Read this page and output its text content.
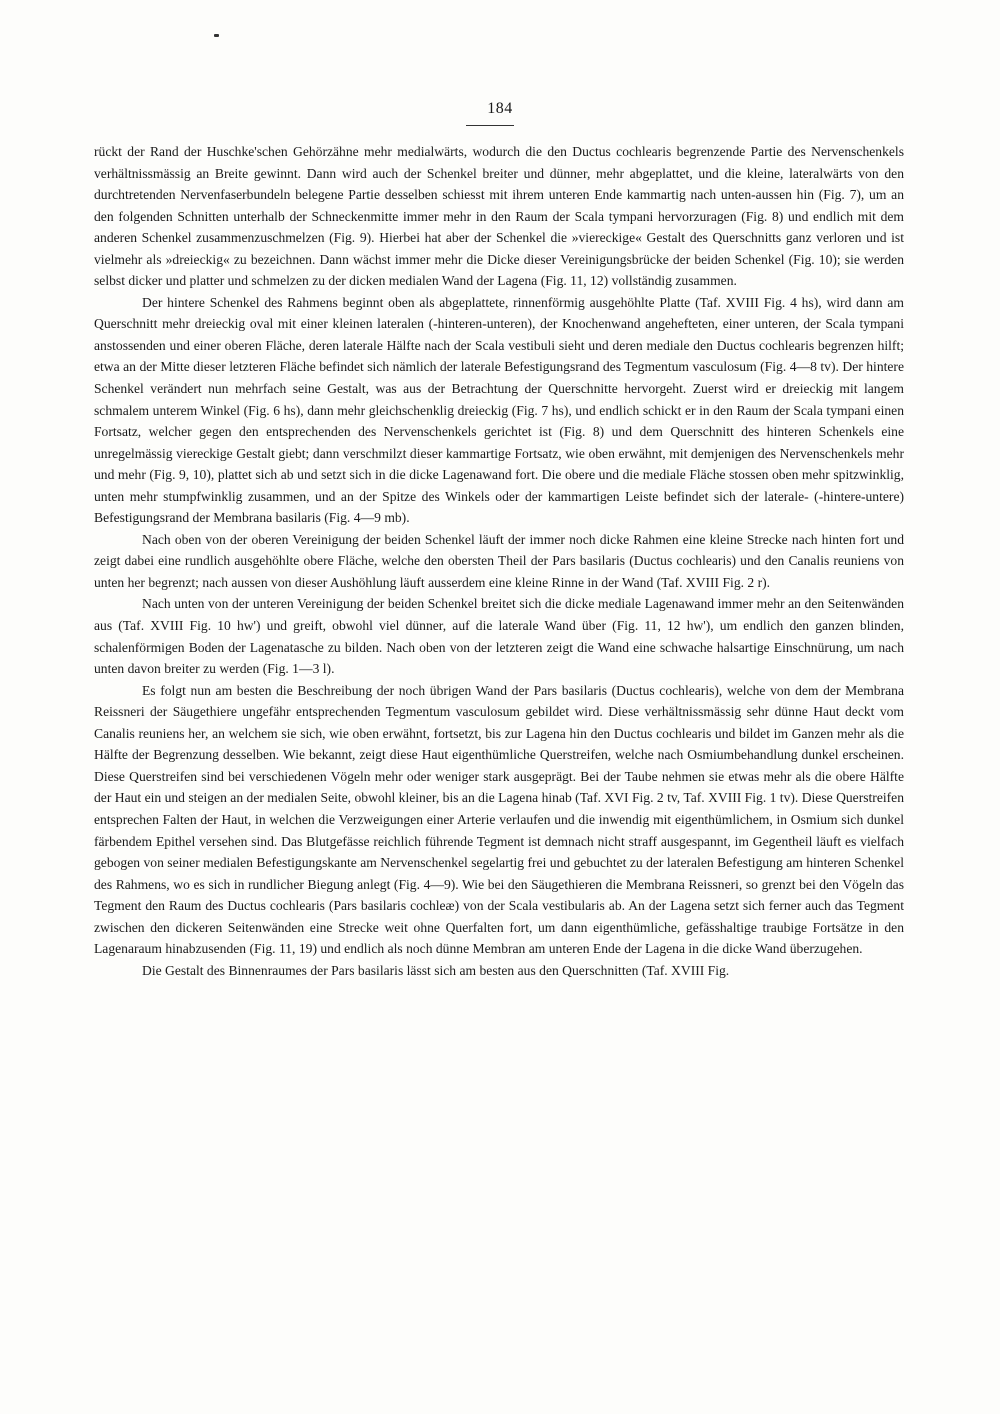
184

rückt der Rand der Huschke'schen Gehörzähne mehr medialwärts, wodurch die den Ductus cochlearis begrenzende Partie des Nervenschenkels verhältnissmässig an Breite gewinnt. Dann wird auch der Schenkel breiter und dünner, mehr abgeplattet, und die kleine, lateralwärts von den durchtretenden Nervenfaserbundeln belegene Partie desselben schiesst mit ihrem unteren Ende kammartig nach unten-aussen hin (Fig. 7), um an den folgenden Schnitten unterhalb der Schneckenmitte immer mehr in den Raum der Scala tympani hervorzuragen (Fig. 8) und endlich mit dem anderen Schenkel zusammenzuschmelzen (Fig. 9). Hierbei hat aber der Schenkel die »viereckige« Gestalt des Querschnitts ganz verloren und ist vielmehr als »dreieckig« zu bezeichnen. Dann wächst immer mehr die Dicke dieser Vereinigungsbrücke der beiden Schenkel (Fig. 10); sie werden selbst dicker und platter und schmelzen zu der dicken medialen Wand der Lagena (Fig. 11, 12) vollständig zusammen.

Der hintere Schenkel des Rahmens beginnt oben als abgeplattete, rinnenförmig ausgehöhlte Platte (Taf. XVIII Fig. 4 hs), wird dann am Querschnitt mehr dreieckig oval mit einer kleinen lateralen (-hinteren-unteren), der Knochenwand angehefteten, einer unteren, der Scala tympani anstossenden und einer oberen Fläche, deren laterale Hälfte nach der Scala vestibuli sieht und deren mediale den Ductus cochlearis begrenzen hilft; etwa an der Mitte dieser letzteren Fläche befindet sich nämlich der laterale Befestigungsrand des Tegmentum vasculosum (Fig. 4—8 tv). Der hintere Schenkel verändert nun mehrfach seine Gestalt, was aus der Betrachtung der Querschnitte hervorgeht. Zuerst wird er dreieckig mit langem schmalem unterem Winkel (Fig. 6 hs), dann mehr gleichschenklig dreieckig (Fig. 7 hs), und endlich schickt er in den Raum der Scala tympani einen Fortsatz, welcher gegen den entsprechenden des Nervenschenkels gerichtet ist (Fig. 8) und dem Querschnitt des hinteren Schenkels eine unregelmässig viereckige Gestalt giebt; dann verschmilzt dieser kammartige Fortsatz, wie oben erwähnt, mit demjenigen des Nervenschenkels mehr und mehr (Fig. 9, 10), plattet sich ab und setzt sich in die dicke Lagenawand fort. Die obere und die mediale Fläche stossen oben mehr spitzwinklig, unten mehr stumpfwinklig zusammen, und an der Spitze des Winkels oder der kammartigen Leiste befindet sich der laterale- (-hintere-untere) Befestigungsrand der Membrana basilaris (Fig. 4—9 mb).

Nach oben von der oberen Vereinigung der beiden Schenkel läuft der immer noch dicke Rahmen eine kleine Strecke nach hinten fort und zeigt dabei eine rundlich ausgehöhlte obere Fläche, welche den obersten Theil der Pars basilaris (Ductus cochlearis) und den Canalis reuniens von unten her begrenzt; nach aussen von dieser Aushöhlung läuft ausserdem eine kleine Rinne in der Wand (Taf. XVIII Fig. 2 r).

Nach unten von der unteren Vereinigung der beiden Schenkel breitet sich die dicke mediale Lagenawand immer mehr an den Seitenwänden aus (Taf. XVIII Fig. 10 hw') und greift, obwohl viel dünner, auf die laterale Wand über (Fig. 11, 12 hw'), um endlich den ganzen blinden, schalenförmigen Boden der Lagenatasche zu bilden. Nach oben von der letzteren zeigt die Wand eine schwache halsartige Einschnürung, um nach unten davon breiter zu werden (Fig. 1—3 l).

Es folgt nun am besten die Beschreibung der noch übrigen Wand der Pars basilaris (Ductus cochlearis), welche von dem der Membrana Reissneri der Säugethiere ungefähr entsprechenden Tegmentum vasculosum gebildet wird. Diese verhältnissmässig sehr dünne Haut deckt vom Canalis reuniens her, an welchem sie sich, wie oben erwähnt, fortsetzt, bis zur Lagena hin den Ductus cochlearis und bildet im Ganzen mehr als die Hälfte der Begrenzung desselben. Wie bekannt, zeigt diese Haut eigenthümliche Querstreifen, welche nach Osmiumbehandlung dunkel erscheinen. Diese Querstreifen sind bei verschiedenen Vögeln mehr oder weniger stark ausgeprägt. Bei der Taube nehmen sie etwas mehr als die obere Hälfte der Haut ein und steigen an der medialen Seite, obwohl kleiner, bis an die Lagena hinab (Taf. XVI Fig. 2 tv, Taf. XVIII Fig. 1 tv). Diese Querstreifen entsprechen Falten der Haut, in welchen die Verzweigungen einer Arterie verlaufen und die inwendig mit eigenthümlichem, in Osmium sich dunkel färbendem Epithel versehen sind. Das Blutgefässe reichlich führende Tegment ist demnach nicht straff ausgespannt, im Gegentheil läuft es vielfach gebogen von seiner medialen Befestigungskante am Nervenschenkel segelartig frei und gebuchtet zu der lateralen Befestigung am hinteren Schenkel des Rahmens, wo es sich in rundlicher Biegung anlegt (Fig. 4—9). Wie bei den Säugethieren die Membrana Reissneri, so grenzt bei den Vögeln das Tegment den Raum des Ductus cochlearis (Pars basilaris cochleæ) von der Scala vestibularis ab. An der Lagena setzt sich ferner auch das Tegment zwischen den dickeren Seitenwänden eine Strecke weit ohne Querfalten fort, um dann eigenthümliche, gefässhaltige traubige Fortsätze in den Lagenaraum hinabzusenden (Fig. 11, 19) und endlich als noch dünne Membran am unteren Ende der Lagena in die dicke Wand überzugehen.

Die Gestalt des Binnenraumes der Pars basilaris lässt sich am besten aus den Querschnitten (Taf. XVIII Fig.
